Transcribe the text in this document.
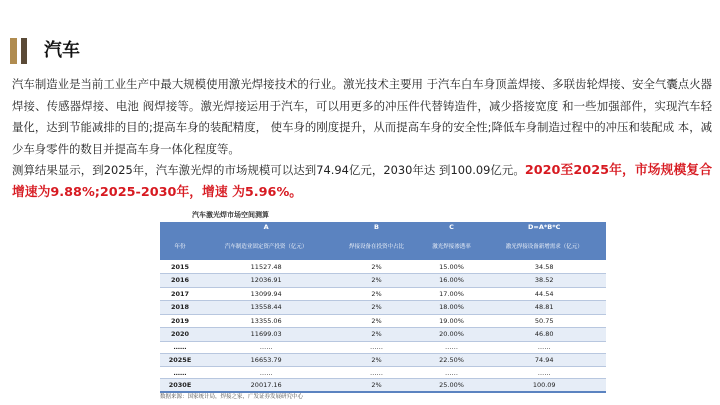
汽车
汽车制造业是当前工业生产中最大规模使用激光焊接技术的行业。激光技术主要用 于汽车白车身顶盖焊接、多联齿轮焊接、安全气囊点火器焊接、传感器焊接、电池 阀焊接等。激光焊接运用于汽车，可以用更多的冲压件代替铸造件，减少搭接宽度 和一些加强部件，实现汽车轻量化，达到节能减排的目的;提高车身的装配精度， 使车身的刚度提升，从而提高车身的安全性;降低车身制造过程中的冲压和装配成 本，减少车身零件的数目并提高车身一体化程度等。
测算结果显示，到2025年，汽车激光焊的市场规模可以达到74.94亿元，2030年达 到100.09亿元。2020至2025年，市场规模复合增速为9.88%;2025-2030年，增速 为5.96%。
汽车激光焊市场空间测算
	A	B	C	D=A*B*C
年份	汽车制造业固定资产投资（亿元）	焊接设备在投资中占比	激光焊接渗透率	激光焊接设备新增需求（亿元）
2015	11527.48	2%	15.00%	34.58
2016	12036.91	2%	16.00%	38.52
2017	13099.94	2%	17.00%	44.54
2018	13558.44	2%	18.00%	48.81
2019	13355.06	2%	19.00%	50.75
2020	11699.03	2%	20.00%	46.80
……	……	……	……	……
2025E	16653.79	2%	22.50%	74.94
……	……	……	……	……
2030E	20017.16	2%	25.00%	100.09
数据来源：国家统计局，焊接之家，广发证券发展研究中心
